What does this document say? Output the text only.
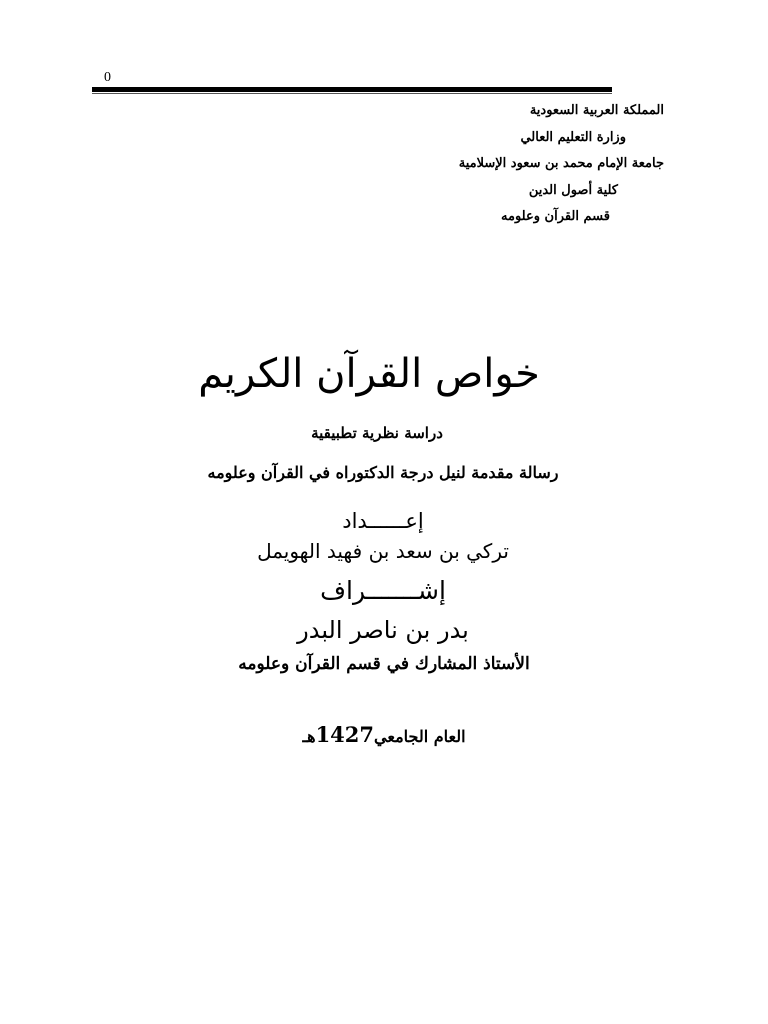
0
المملكة العربية السعودية
وزارة التعليم العالي
جامعة الإمام محمد بن سعود الإسلامية
كلية أصول الدين
قسم القرآن وعلومه
خواص القرآن الكريم
دراسة نظرية تطبيقية
رسالة مقدمة لنيل درجة الدكتوراه في القرآن وعلومه
إعــــــداد
تركي بن سعد بن فهيد الهويمل
إشـــــــراف
بدر بن ناصر البدر
الأستاذ المشارك في قسم القرآن وعلومه
العام الجامعي1427هـ
